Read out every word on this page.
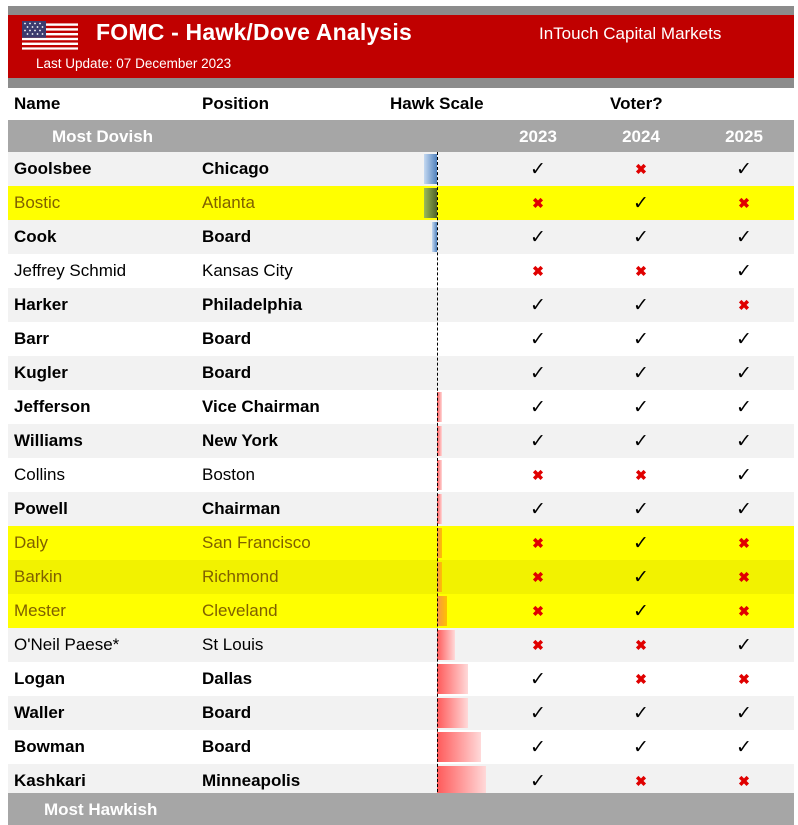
FOMC - Hawk/Dove Analysis	InTouch Capital Markets
Last Update: 07 December 2023
Name	Position	Hawk Scale	Voter?
Most Dovish	2023	2024	2025
Goolsbee	Chicago	✓	✖	✓
Bostic	Atlanta	✖	✓	✖
Cook	Board	✓	✓	✓
Jeffrey Schmid	Kansas City	✖	✖	✓
Harker	Philadelphia	✓	✓	✖
Barr	Board	✓	✓	✓
Kugler	Board	✓	✓	✓
Jefferson	Vice Chairman	✓	✓	✓
Williams	New York	✓	✓	✓
Collins	Boston	✖	✖	✓
Powell	Chairman	✓	✓	✓
Daly	San Francisco	✖	✓	✖
Barkin	Richmond	✖	✓	✖
Mester	Cleveland	✖	✓	✖
O'Neil Paese*	St Louis	✖	✖	✓
Logan	Dallas	✓	✖	✖
Waller	Board	✓	✓	✓
Bowman	Board	✓	✓	✓
Kashkari	Minneapolis	✓	✖	✖
Most Hawkish
